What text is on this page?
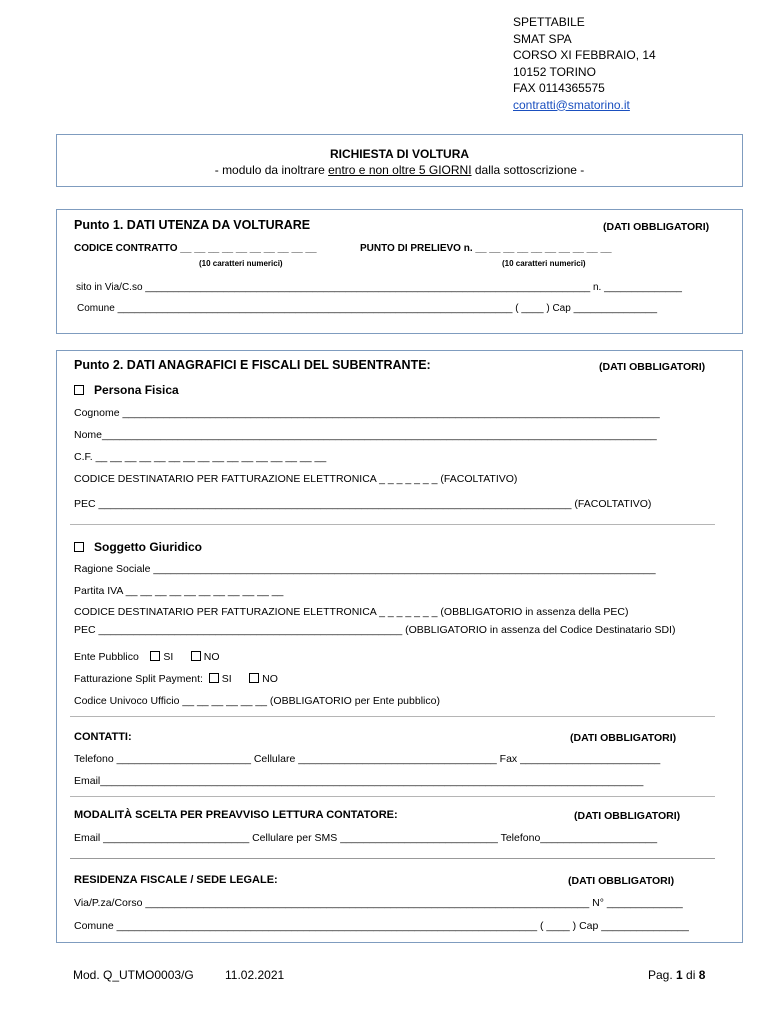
SPETTABILE
SMAT SPA
CORSO XI FEBBRAIO, 14
10152 TORINO
FAX 0114365575
contratti@smatorino.it
RICHIESTA DI VOLTURA
- modulo da inoltrare entro e non oltre 5 GIORNI dalla sottoscrizione -
Punto 1. DATI UTENZA DA VOLTURARE	(DATI OBBLIGATORI)
CODICE CONTRATTO __ __ __ __ __ __ __ __ __ __
(10 caratteri numerici)
PUNTO DI PRELIEVO n. __ __ __ __ __ __ __ __ __ __
(10 caratteri numerici)
sito in Via/C.so ________________________________________________________________________________ n. ______________
Comune _______________________________________________________________________ ( ____ ) Cap _______________
Punto 2. DATI ANAGRAFICI E FISCALI DEL SUBENTRANTE:	(DATI OBBLIGATORI)
Persona Fisica
Cognome ____________________________________________________________________________________________
Nome_______________________________________________________________________________________________
C.F. __ __ __ __ __ __ __ __ __ __ __ __ __ __ __ __
CODICE DESTINATARIO PER FATTURAZIONE ELETTRONICA _ _ _ _ _ _ _ (FACOLTATIVO)
PEC _________________________________________________________________________________ (FACOLTATIVO)
Soggetto Giuridico
Ragione Sociale ______________________________________________________________________________________
Partita IVA __ __ __ __ __ __ __ __ __ __ __
CODICE DESTINATARIO PER FATTURAZIONE ELETTRONICA _ _ _ _ _ _ _ (OBBLIGATORIO in assenza della PEC)
PEC ____________________________________________________ (OBBLIGATORIO in assenza del Codice Destinatario SDI)
Ente Pubblico SI	NO
Fatturazione Split Payment: SI	NO
Codice Univoco Ufficio __ __ __ __ __ __ (OBBLIGATORIO per Ente pubblico)
CONTATTI:	(DATI OBBLIGATORI)
Telefono _______________________ Cellulare __________________________________ Fax ________________________
Email_____________________________________________________________________________________________
MODALITÀ SCELTA PER PREAVVISO LETTURA CONTATORE:	(DATI OBBLIGATORI)
Email _________________________ Cellulare per SMS ___________________________ Telefono____________________
RESIDENZA FISCALE / SEDE LEGALE:	(DATI OBBLIGATORI)
Via/P.za/Corso ____________________________________________________________________________ N° _____________
Comune ________________________________________________________________________ ( ____ ) Cap _______________
Mod. Q_UTMO0003/G	11.02.2021	Pag. 1 di 8
